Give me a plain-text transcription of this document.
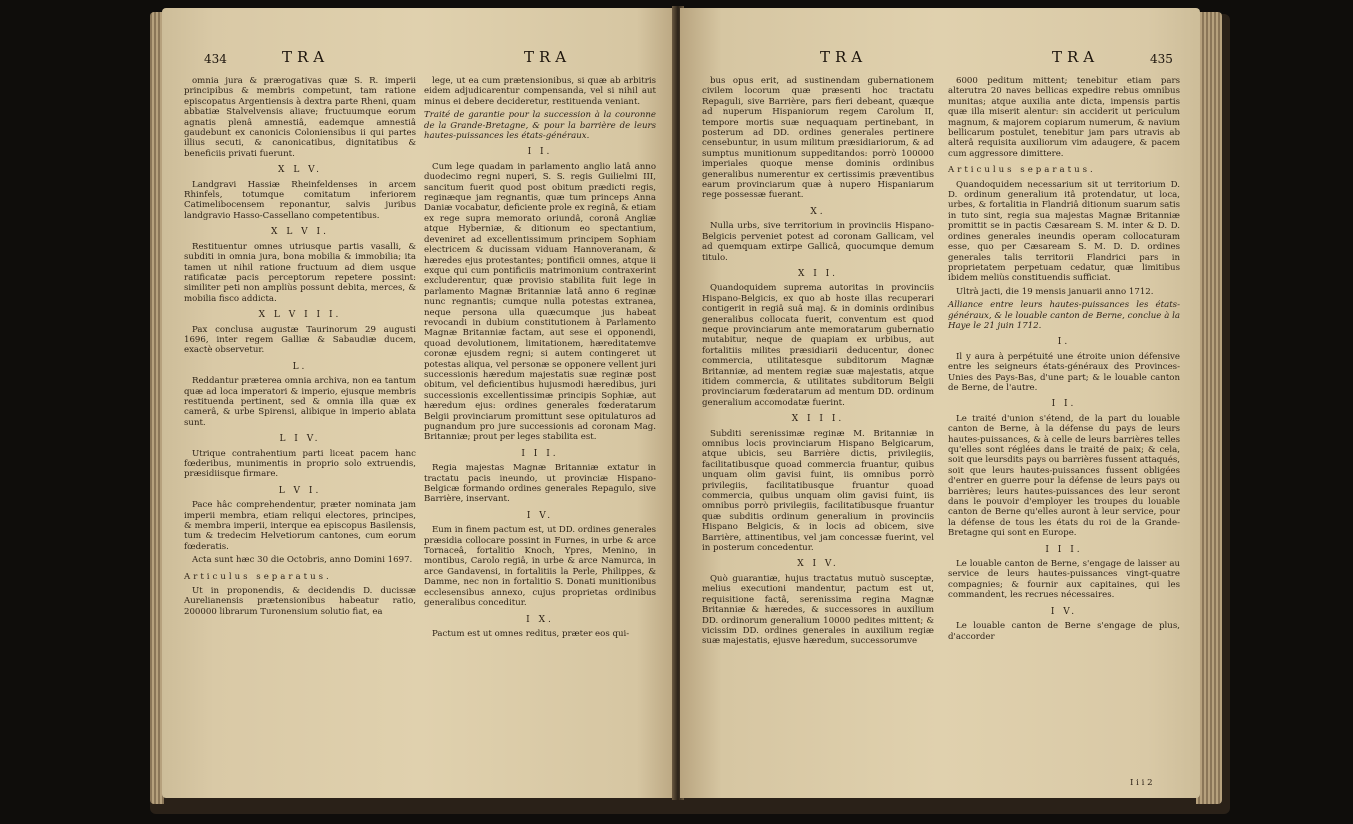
434	TRA	TRA

omnia jura & prærogativas quæ S. R. imperii principibus & membris competunt, tam ratione episcopatus Argentiensis à dextra parte Rheni, quam abbatiæ Stalvelvensis aliave; fructuumque eorum agnatis plenâ amnestiâ, eademque amnestiâ gaudebunt ex canonicis Coloniensibus ii qui partes illius secuti, & canonicatibus, dignitatibus & beneficiis privati fuerunt.

X L V.

Landgravi Hassiæ Rheinfeldenses in arcem Rhinfels, totumque comitatum inferiorem Catimelibocensem reponantur, salvis juribus landgravio Hasso-Cassellano competentibus.

X L V I.

Restituentur omnes utriusque partis vasalli, & subditi in omnia jura, bona mobilia & immobilia; ita tamen ut nihil ratione fructuum ad diem usque ratificatæ pacis perceptorum repetere possint: similiter peti non ampliùs possunt debita, merces, & mobilia fisco addicta.

X L V I I I.

Pax conclusa augustæ Taurinorum 29 augusti 1696, inter regem Galliæ & Sabaudiæ ducem, exactè observetur.

L.

Reddantur præterea omnia archiva, non ea tantum quæ ad loca imperatori & imperio, ejusque membris restituenda pertinent, sed & omnia illa quæ ex camerâ, & urbe Spirensi, alibique in imperio ablata sunt.

L I V.

Utrique contrahentium parti liceat pacem hanc fœderibus, munimentis in proprio solo extruendis, præsidiisque firmare.

L V I.

Pace hâc comprehendentur, præter nominata jam imperii membra, etiam reliqui electores, principes, & membra imperii, interque ea episcopus Basilensis, tum & tredecim Helvetiorum cantones, cum eorum fœderatis.

Acta sunt hæc 30 die Octobris, anno Domini 1697.

Articulus separatus.

Ut in proponendis, & decidendis D. ducissæ Aurelianensis prætensionibus habeatur ratio, 200000 librarum Turonensium solutio fiat, ea

lege, ut ea cum prætensionibus, si quæ ab arbitris eidem adjudicarentur compensanda, vel si nihil aut minus ei debere decideretur, restituenda veniant.

Traité de garantie pour la succession à la couronne de la Grande-Bretagne, & pour la barrière de leurs hautes-puissances les états-généraux.

I I.

Cum lege quadam in parlamento anglio latâ anno duodecimo regni nuperi, S. S. regis Guilielmi III, sancitum fuerit quod post obitum prædicti regis, reginæque jam regnantis, quæ tum princeps Anna Daniæ vocabatur, deficiente prole ex reginâ, & etiam ex rege supra memorato oriundâ, coronâ Angliæ atque Hyberniæ, & ditionum eo spectantium, deveniret ad excellentissimum principem Sophiam electricem & ducissam viduam Hannoveranam, & hæredes ejus protestantes; pontificii omnes, atque ii exque qui cum pontificiis matrimonium contraxerint excluderentur, quæ provisio stabilita fuit lege in parlamento Magnæ Britanniæ latâ anno 6 reginæ nunc regnantis; cumque nulla potestas extranea, neque persona ulla quæcumque jus habeat revocandi in dubium constitutionem à Parlamento Magnæ Britanniæ factam, aut sese ei opponendi, quoad devolutionem, limitationem, hæreditatemve coronæ ejusdem regni; si autem contingeret ut potestas aliqua, vel personæ se opponere vellent juri successionis hæredum majestatis suæ reginæ post obitum, vel deficientibus hujusmodi hæredibus, juri successionis excellentissimæ principis Sophiæ, aut hæredum ejus: ordines generales fœderatarum Belgii provinciarum promittunt sese opitulaturos ad pugnandum pro jure successionis ad coronam Mag. Britanniæ; prout per leges stabilita est.

I I I.

Regia majestas Magnæ Britanniæ extatur in tractatu pacis ineundo, ut provinciæ Hispano-Belgicæ formando ordines generales Repagulo, sive Barrière, inservant.

I V.

Eum in finem pactum est, ut DD. ordines generales præsidia collocare possint in Furnes, in urbe & arce Tornaceâ, fortalitio Knoch, Ypres, Menino, in montibus, Carolo regiâ, in urbe & arce Namurca, in arce Gandavensi, in fortalitiis la Perle, Philippes, & Damme, nec non in fortalitio S. Donati munitionibus ecclesensibus annexo, cujus proprietas ordinibus generalibus conceditur.

I X.

Pactum est ut omnes reditus, præter eos qui-

TRA	TRA	435

bus opus erit, ad sustinendam gubernationem civilem locorum quæ præsenti hoc tractatu Repaguli, sive Barrière, pars fieri debeant, quæque ad nuperum Hispaniorum regem Carolum II, tempore mortis suæ nequaquam pertinebant, in posterum ad DD. ordines generales pertinere censebuntur, in usum militum præsidiariorum, & ad sumptus munitionum suppeditandos: porrò 100000 imperiales quoque mense dominis ordinibus generalibus numerentur ex certissimis præventibus earum provinciarum quæ à nupero Hispaniarum rege possessæ fuerant.

X.

Nulla urbs, sive territorium in provinciis Hispano-Belgicis perveniet potest ad coronam Gallicam, vel ad quemquam extirpe Gallicâ, quocumque demum titulo.

X I I.

Quandoquidem suprema autoritas in provinciis Hispano-Belgicis, ex quo ab hoste illas recuperari contigerit in regiâ suâ maj. & in dominis ordinibus generalibus collocata fuerit, conventum est quod neque provinciarum ante memoratarum gubernatio mutabitur, neque de quapiam ex urbibus, aut fortalitiis milites præsidiarii deducentur, donec commercia, utilitatesque subditorum Magnæ Britanniæ, ad mentem regiæ suæ majestatis, atque itidem commercia, & utilitates subditorum Belgii provinciarum fœderatarum ad mentum DD. ordinum generalium accomodatæ fuerint.

X I I I.

Subditi serenissimæ reginæ M. Britanniæ in omnibus locis provinciarum Hispano Belgicarum, atque ubicis, seu Barrière dictis, privilegiis, facilitatibusque quoad commercia fruantur, quibus unquam olim gavisi fuint, iis omnibus porrò privilegiis, facilitatibusque fruantur quoad commercia, quibus unquam olim gavisi fuint, iis omnibus porrò privilegiis, facilitatibusque fruantur quæ subditis ordinum generalium in provinciis Hispano Belgicis, & in locis ad obicem, sive Barrière, attinentibus, vel jam concessæ fuerint, vel in posterum concedentur.

X I V.

Quò guarantiæ, hujus tractatus mutuò susceptæ, melius executioni mandentur, pactum est ut, requisitione factâ, serenissima regina Magnæ Britanniæ & hæredes, & successores in auxilium DD. ordinorum generalium 10000 pedites mittent; & vicissim DD. ordines generales in auxilium regiæ suæ majestatis, ejusve hæredum, successorumve

6000 peditum mittent; tenebitur etiam pars alterutra 20 naves bellicas expedire rebus omnibus munitas; atque auxilia ante dicta, impensis partis quæ illa miserit alentur: sin acciderit ut periculum magnum, & majorem copiarum numerum, & navium bellicarum postulet, tenebitur jam pars utravis ab alterâ requisita auxiliorum vim adaugere, & pacem cum aggressore dimittere.

Articulus separatus.

Quandoquidem necessarium sit ut territorium D. D. ordinum generalium itâ protendatur, ut loca, urbes, & fortalitia in Flandriâ ditionum suarum satis in tuto sint, regia sua majestas Magnæ Britanniæ promittit se in pactis Cæsaream S. M. inter & D. D. ordines generales ineundis operam collocaturam esse, quo per Cæsaream S. M. D. D. ordines generales talis territorii Flandrici pars in proprietatem perpetuam cedatur, quæ limitibus ibidem meliùs constituendis sufficiat.

Ultrà jacti, die 19 mensis januarii anno 1712.

Alliance entre leurs hautes-puissances les états-généraux, & le louable canton de Berne, conclue à la Haye le 21 juin 1712.

I.

Il y aura à perpétuité une étroite union défensive entre les seigneurs états-généraux des Provinces-Unies des Pays-Bas, d'une part; & le louable canton de Berne, de l'autre.

I I.

Le traité d'union s'étend, de la part du louable canton de Berne, à la défense du pays de leurs hautes-puissances, & à celle de leurs barrières telles qu'elles sont réglées dans le traité de paix; & cela, soit que leursdits pays ou barrières fussent attaqués, soit que leurs hautes-puissances fussent obligées d'entrer en guerre pour la défense de leurs pays ou barrières; leurs hautes-puissances des leur seront dans le pouvoir d'employer les troupes du louable canton de Berne qu'elles auront à leur service, pour la défense de tous les états du roi de la Grande-Bretagne qui sont en Europe.

I I I.

Le louable canton de Berne, s'engage de laisser au service de leurs hautes-puissances vingt-quatre compagnies; & fournir aux capitaines, qui les commandent, les recrues nécessaires.

I V.

Le louable canton de Berne s'engage de plus, d'accorder

I i i 2
